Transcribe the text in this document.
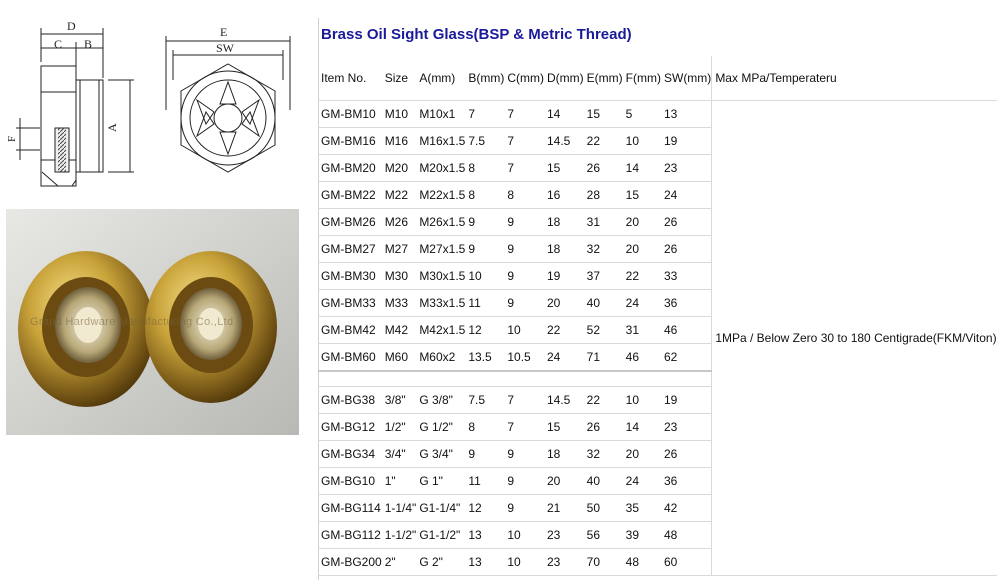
D
C B
A
F
E
SW
Grand Hardware Manufacturing Co.,Ltd
Brass Oil Sight Glass(BSP & Metric Thread)
Item No.	Size	A(mm)	B(mm)	C(mm)	D(mm)	E(mm)	F(mm)	SW(mm)	Max MPa/Temperateru
GM-BM10	M10	M10x1	7	7	14	15	5	13	1MPa / Below Zero 30 to 180 Centigrade(FKM/Viton)
GM-BM16	M16	M16x1.5	7.5	7	14.5	22	10	19	
GM-BM20	M20	M20x1.5	8	7	15	26	14	23	
GM-BM22	M22	M22x1.5	8	8	16	28	15	24	
GM-BM26	M26	M26x1.5	9	9	18	31	20	26	
GM-BM27	M27	M27x1.5	9	9	18	32	20	26	
GM-BM30	M30	M30x1.5	10	9	19	37	22	33	
GM-BM33	M33	M33x1.5	11	9	20	40	24	36	
GM-BM42	M42	M42x1.5	12	10	22	52	31	46	
GM-BM60	M60	M60x2	13.5	10.5	24	71	46	62	

GM-BG38	3/8"	G 3/8"	7.5	7	14.5	22	10	19	
GM-BG12	1/2"	G 1/2"	8	7	15	26	14	23	
GM-BG34	3/4"	G 3/4"	9	9	18	32	20	26	
GM-BG10	1"	G 1"	11	9	20	40	24	36	
GM-BG114	1-1/4"	G1-1/4"	12	9	21	50	35	42	
GM-BG112	1-1/2"	G1-1/2"	13	10	23	56	39	48	
GM-BG200	2"	G 2"	13	10	23	70	48	60	
